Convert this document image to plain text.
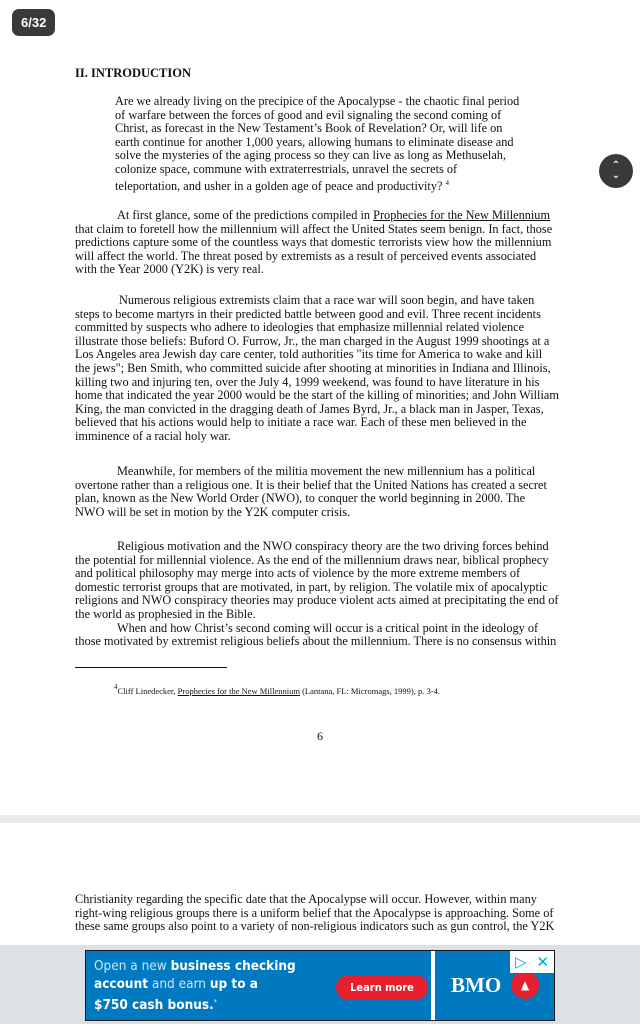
II. INTRODUCTION
Are we already living on the precipice of the Apocalypse - the chaotic final period
of warfare between the forces of good and evil signaling the second coming of
Christ, as forecast in the New Testament’s Book of Revelation? Or, will life on
earth continue for another 1,000 years, allowing humans to eliminate disease and
solve the mysteries of the aging process so they can live as long as Methuselah,
colonize space, commune with extraterrestrials, unravel the secrets of
teleportation, and usher in a golden age of peace and productivity? $^4$
At first glance, some of the predictions compiled in Prophecies for the New Millennium
that claim to foretell how the millennium will affect the United States seem benign. In fact, those
predictions capture some of the countless ways that domestic terrorists view how the millennium
will affect the world. The threat posed by extremists as a result of perceived events associated
with the Year 2000 (Y2K) is very real.
Numerous religious extremists claim that a race war will soon begin, and have taken
steps to become martyrs in their predicted battle between good and evil. Three recent incidents
committed by suspects who adhere to ideologies that emphasize millennial related violence
illustrate those beliefs: Buford O. Furrow, Jr., the man charged in the August 1999 shootings at a
Los Angeles area Jewish day care center, told authorities "its time for America to wake and kill
the jews"; Ben Smith, who committed suicide after shooting at minorities in Indiana and Illinois,
killing two and injuring ten, over the July 4, 1999 weekend, was found to have literature in his
home that indicated the year 2000 would be the start of the killing of minorities; and John William
King, the man convicted in the dragging death of James Byrd, Jr., a black man in Jasper, Texas,
believed that his actions would help to initiate a race war. Each of these men believed in the
imminence of a racial holy war.
Meanwhile, for members of the militia movement the new millennium has a political
overtone rather than a religious one. It is their belief that the United Nations has created a secret
plan, known as the New World Order (NWO), to conquer the world beginning in 2000. The
NWO will be set in motion by the Y2K computer crisis.
Religious motivation and the NWO conspiracy theory are the two driving forces behind
the potential for millennial violence. As the end of the millennium draws near, biblical prophecy
and political philosophy may merge into acts of violence by the more extreme members of
domestic terrorist groups that are motivated, in part, by religion. The volatile mix of apocalyptic
religions and NWO conspiracy theories may produce violent acts aimed at precipitating the end of
the world as prophesied in the Bible.
When and how Christ’s second coming will occur is a critical point in the ideology of
those motivated by extremist religious beliefs about the millennium. There is no consensus within
$^4$Cliff Linedecker, Prophecies for the New Millennium (Lantana, FL: Micromags, 1999), p. 3-4.
6
Christianity regarding the specific date that the Apocalypse will occur. However, within many
right-wing religious groups there is a uniform belief that the Apocalypse is approaching. Some of
these same groups also point to a variety of non-religious indicators such as gun control, the Y2K
6/32
⌃
⌄
Open a new business checking
account and earn up to a
$750 cash bonus.*
Learn more	BMO	▲
▷ ✕
